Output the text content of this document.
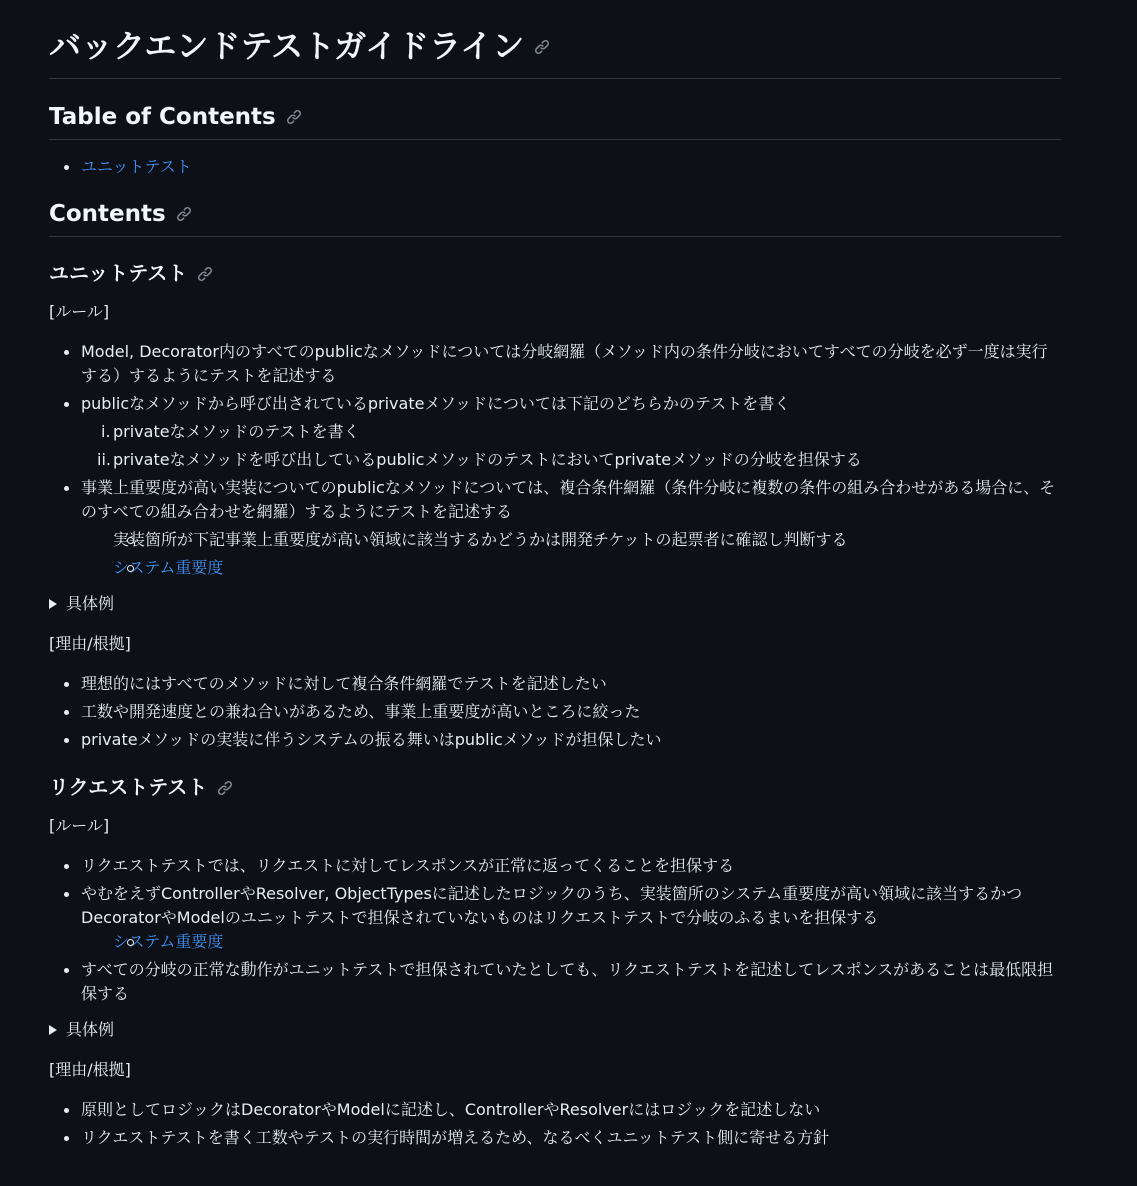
バックエンドテストガイドライン
Table of Contents
ユニットテスト
Contents
ユニットテスト

[ルール]

Model, Decorator内のすべてのpublicなメソッドについては分岐網羅（メソッド内の条件分岐においてすべての分岐を必ず一度は実行する）するようにテストを記述する
publicなメソッドから呼び出されているprivateメソッドについては下記のどちらかのテストを書く
i. privateなメソッドのテストを書く
ii. privateなメソッドを呼び出しているpublicメソッドのテストにおいてprivateメソッドの分岐を担保する
事業上重要度が高い実装についてのpublicなメソッドについては、複合条件網羅（条件分岐に複数の条件の組み合わせがある場合に、そのすべての組み合わせを網羅）するようにテストを記述する
実装箇所が下記事業上重要度が高い領域に該当するかどうかは開発チケットの起票者に確認し判断する
システム重要度
具体例

[理由/根拠]

理想的にはすべてのメソッドに対して複合条件網羅でテストを記述したい
工数や開発速度との兼ね合いがあるため、事業上重要度が高いところに絞った
privateメソッドの実装に伴うシステムの振る舞いはpublicメソッドが担保したい
リクエストテスト

[ルール]

リクエストテストでは、リクエストに対してレスポンスが正常に返ってくることを担保する
やむをえずControllerやResolver, ObjectTypesに記述したロジックのうち、実装箇所のシステム重要度が高い領域に該当するかつDecoratorやModelのユニットテストで担保されていないものはリクエストテストで分岐のふるまいを担保する
システム重要度
すべての分岐の正常な動作がユニットテストで担保されていたとしても、リクエストテストを記述してレスポンスがあることは最低限担保する
具体例

[理由/根拠]

原則としてロジックはDecoratorやModelに記述し、ControllerやResolverにはロジックを記述しない
リクエストテストを書く工数やテストの実行時間が増えるため、なるべくユニットテスト側に寄せる方針
